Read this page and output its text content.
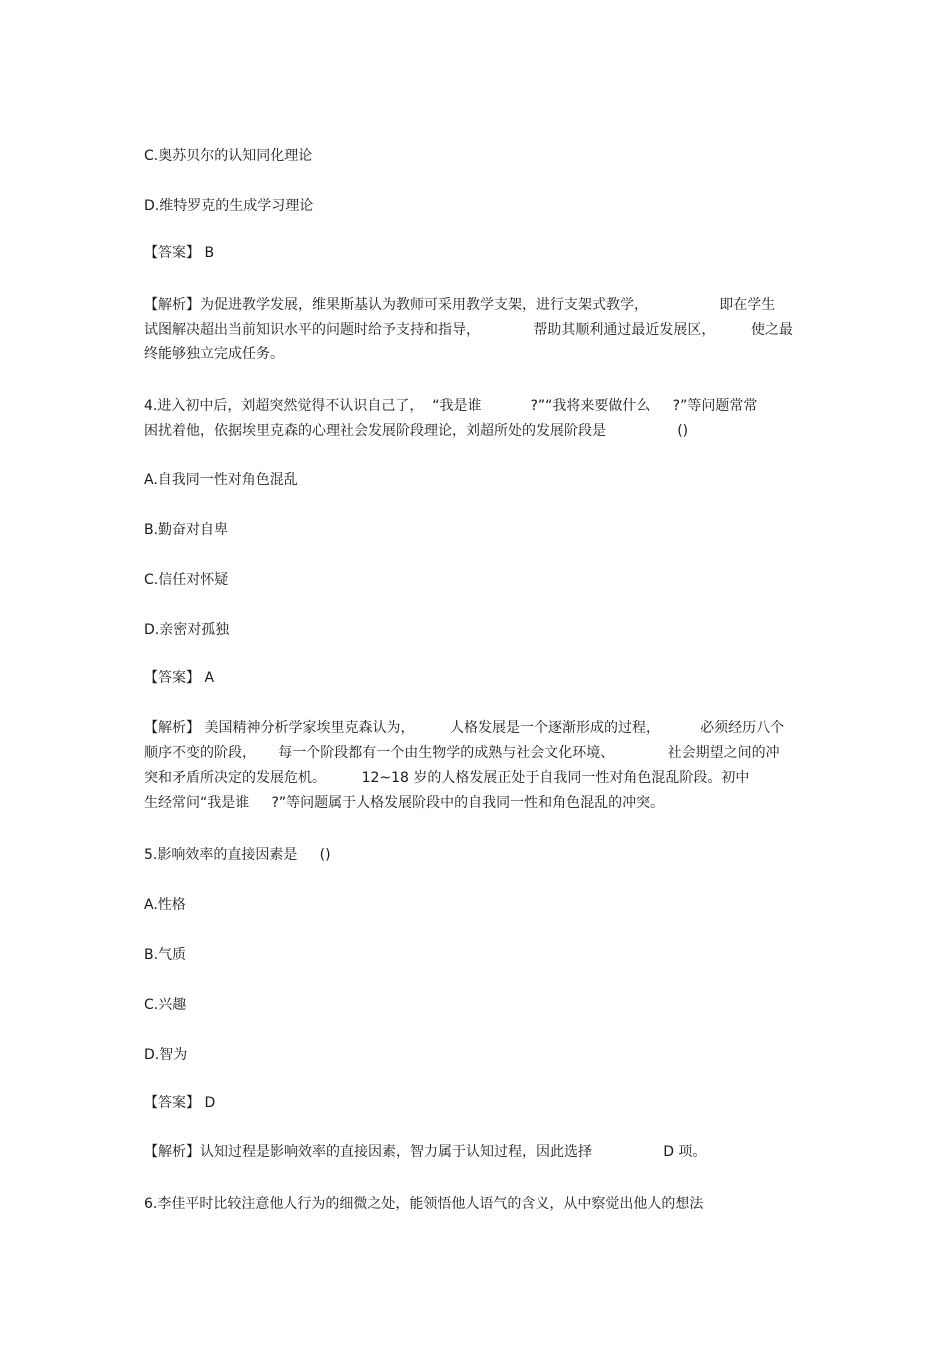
C.奥苏贝尔的认知同化理论
D.维特罗克的生成学习理论
【答案】 B
【解析】为促进教学发展，维果斯基认为教师可采用教学支架，进行支架式教学，                即在学生
试图解决超出当前知识水平的问题时给予支持和指导，            帮助其顺利通过最近发展区，        使之最
终能够独立完成任务。
4.进入初中后，刘超突然觉得不认识自己了，  “我是谁           ?”“我将来要做什么     ?”等问题常常
困扰着他，依据埃里克森的心理社会发展阶段理论，刘超所处的发展阶段是                ()
A.自我同一性对角色混乱
B.勤奋对自卑
C.信任对怀疑
D.亲密对孤独
【答案】 A
【解析】 美国精神分析学家埃里克森认为，        人格发展是一个逐渐形成的过程，         必须经历八个
顺序不变的阶段，     每一个阶段都有一个由生物学的成熟与社会文化环境、            社会期望之间的冲
突和矛盾所决定的发展危机。        12~18 岁的人格发展正处于自我同一性对角色混乱阶段。初中
生经常问“我是谁     ?”等问题属于人格发展阶段中的自我同一性和角色混乱的冲突。
5.影响效率的直接因素是     ()
A.性格
B.气质
C.兴趣
D.智为
【答案】 D
【解析】认知过程是影响效率的直接因素，智力属于认知过程，因此选择                D 项。
6.李佳平时比较注意他人行为的细微之处，能领悟他人语气的含义，从中察觉出他人的想法
